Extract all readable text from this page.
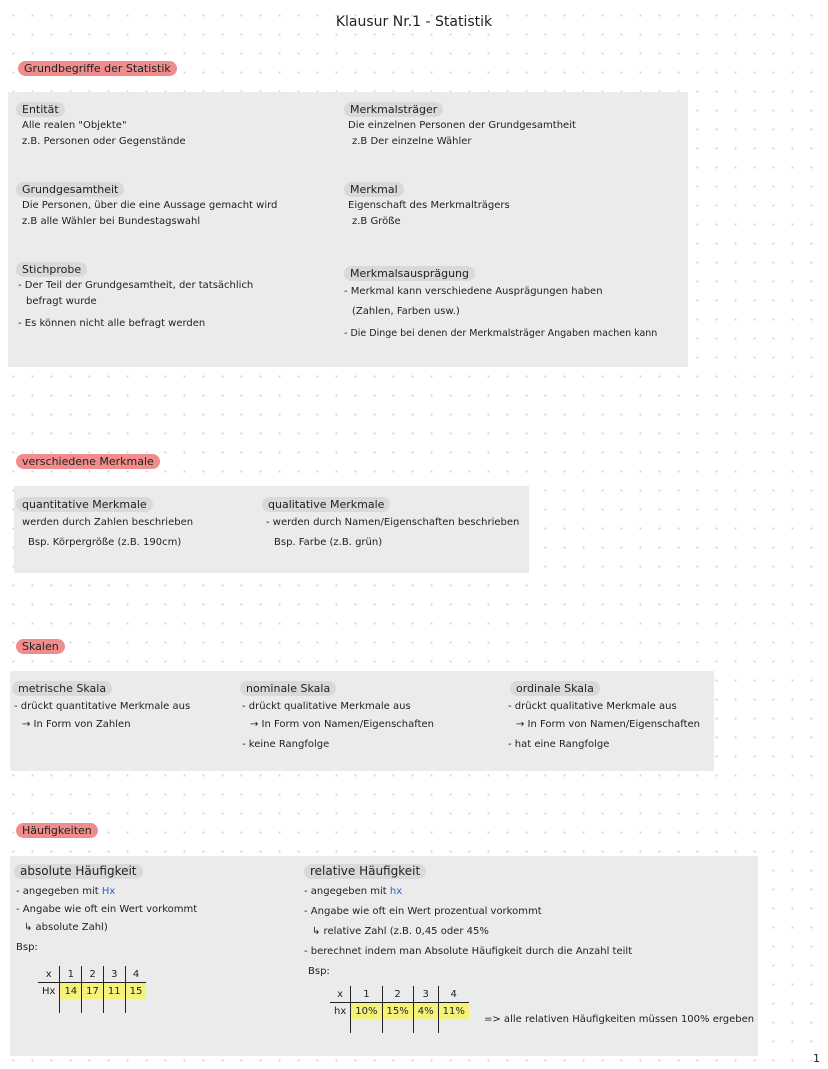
Klausur Nr.1 - Statistik
Grundbegriffe der Statistik
Entität
Alle realen "Objekte"
z.B. Personen oder Gegenstände
Grundgesamtheit
Die Personen, über die eine Aussage gemacht wird
z.B alle Wähler bei Bundestagswahl
Stichprobe
- Der Teil der Grundgesamtheit, der tatsächlich
befragt wurde
- Es können nicht alle befragt werden
Merkmalsträger
Die einzelnen Personen der Grundgesamtheit
z.B Der einzelne Wähler
Merkmal
Eigenschaft des Merkmalträgers
z.B Größe
Merkmalsausprägung
- Merkmal kann verschiedene Ausprägungen haben
(Zahlen, Farben usw.)
- Die Dinge bei denen der Merkmalsträger Angaben machen kann
verschiedene Merkmale
quantitative Merkmale
werden durch Zahlen beschrieben
Bsp. Körpergröße (z.B. 190cm)
qualitative Merkmale
- werden durch Namen/Eigenschaften beschrieben
Bsp. Farbe (z.B. grün)
Skalen
metrische Skala
- drückt quantitative Merkmale aus
→ In Form von Zahlen
nominale Skala
- drückt qualitative Merkmale aus
→ In Form von Namen/Eigenschaften
- keine Rangfolge
ordinale Skala
- drückt qualitative Merkmale aus
→ In Form von Namen/Eigenschaften
- hat eine Rangfolge
Häufigkeiten
absolute Häufigkeit
- angegeben mit Hx
- Angabe wie oft ein Wert vorkommt
↳ absolute Zahl)
Bsp:
x	1	2	3	4
Hx	14	17	11	15

relative Häufigkeit
- angegeben mit hx
- Angabe wie oft ein Wert prozentual vorkommt
↳ relative Zahl (z.B. 0,45 oder 45%
- berechnet indem man Absolute Häufigkeit durch die Anzahl teilt
Bsp:
x	1	2	3	4
hx	10%	15%	4%	11%

=> alle relativen Häufigkeiten müssen 100% ergeben
1
